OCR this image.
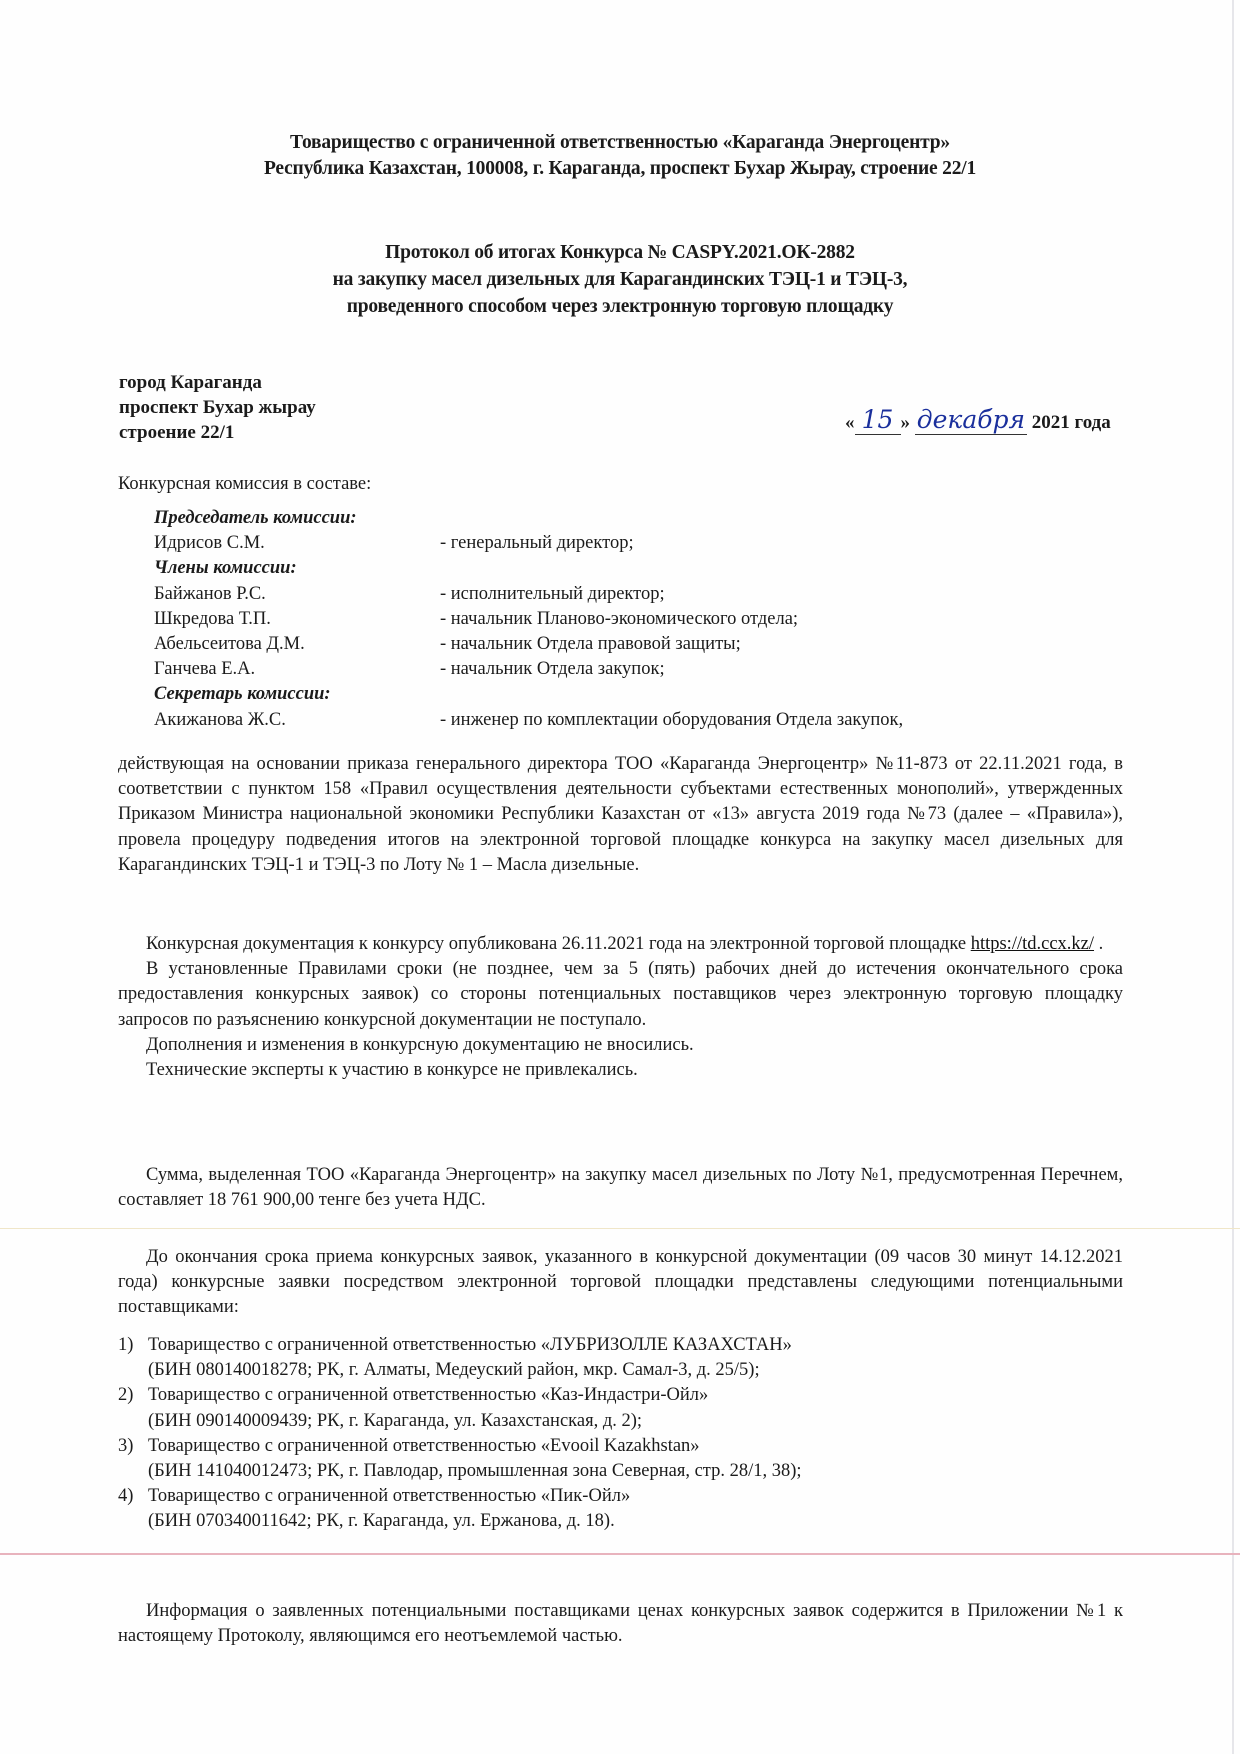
Товарищество с ограниченной ответственностью «Караганда Энергоцентр»
Республика Казахстан, 100008, г. Караганда, проспект Бухар Жырау, строение 22/1
Протокол об итогах Конкурса № CASPY.2021.ОК-2882
на закупку масел дизельных для Карагандинских ТЭЦ-1 и ТЭЦ-3,
проведенного способом через электронную торговую площадку
город Караганда
проспект Бухар жырау
строение 22/1	« 15 » декабря 2021 года
Конкурсная комиссия в составе:
Председатель комиссии:
Идрисов С.М.	- генеральный директор;
Члены комиссии:
Байжанов Р.С.	- исполнительный директор;
Шкредова Т.П.	- начальник Планово-экономического отдела;
Абельсеитова Д.М.	- начальник Отдела правовой защиты;
Ганчева Е.А.	- начальник Отдела закупок;
Секретарь комиссии:
Акижанова Ж.С.	- инженер по комплектации оборудования Отдела закупок,
действующая на основании приказа генерального директора ТОО «Караганда Энергоцентр» №11-873 от 22.11.2021 года, в соответствии с пунктом 158 «Правил осуществления деятельности субъектами естественных монополий», утвержденных Приказом Министра национальной экономики Республики Казахстан от «13» августа 2019 года №73 (далее – «Правила»), провела процедуру подведения итогов на электронной торговой площадке конкурса на закупку масел дизельных для Карагандинских ТЭЦ-1 и ТЭЦ-3 по Лоту № 1 – Масла дизельные.
Конкурсная документация к конкурсу опубликована 26.11.2021 года на электронной торговой площадке https://td.ccx.kz/ .
В установленные Правилами сроки (не позднее, чем за 5 (пять) рабочих дней до истечения окончательного срока предоставления конкурсных заявок) со стороны потенциальных поставщиков через электронную торговую площадку запросов по разъяснению конкурсной документации не поступало.
Дополнения и изменения в конкурсную документацию не вносились.
Технические эксперты к участию в конкурсе не привлекались.
Сумма, выделенная ТОО «Караганда Энергоцентр» на закупку масел дизельных по Лоту №1, предусмотренная Перечнем, составляет 18 761 900,00 тенге без учета НДС.
До окончания срока приема конкурсных заявок, указанного в конкурсной документации (09 часов 30 минут 14.12.2021 года) конкурсные заявки посредством электронной торговой площадки представлены следующими потенциальными поставщиками:
1) Товарищество с ограниченной ответственностью «ЛУБРИЗОЛЛЕ КАЗАХСТАН»
(БИН 080140018278; РК, г. Алматы, Медеуский район, мкр. Самал-3, д. 25/5);
2) Товарищество с ограниченной ответственностью «Каз-Индастри-Ойл»
(БИН 090140009439; РК, г. Караганда, ул. Казахстанская, д. 2);
3) Товарищество с ограниченной ответственностью «Evooil Kazakhstan»
(БИН 141040012473; РК, г. Павлодар, промышленная зона Северная, стр. 28/1, 38);
4) Товарищество с ограниченной ответственностью «Пик-Ойл»
(БИН 070340011642; РК, г. Караганда, ул. Ержанова, д. 18).
Информация о заявленных потенциальными поставщиками ценах конкурсных заявок содержится в Приложении №1 к настоящему Протоколу, являющимся его неотъемлемой частью.
